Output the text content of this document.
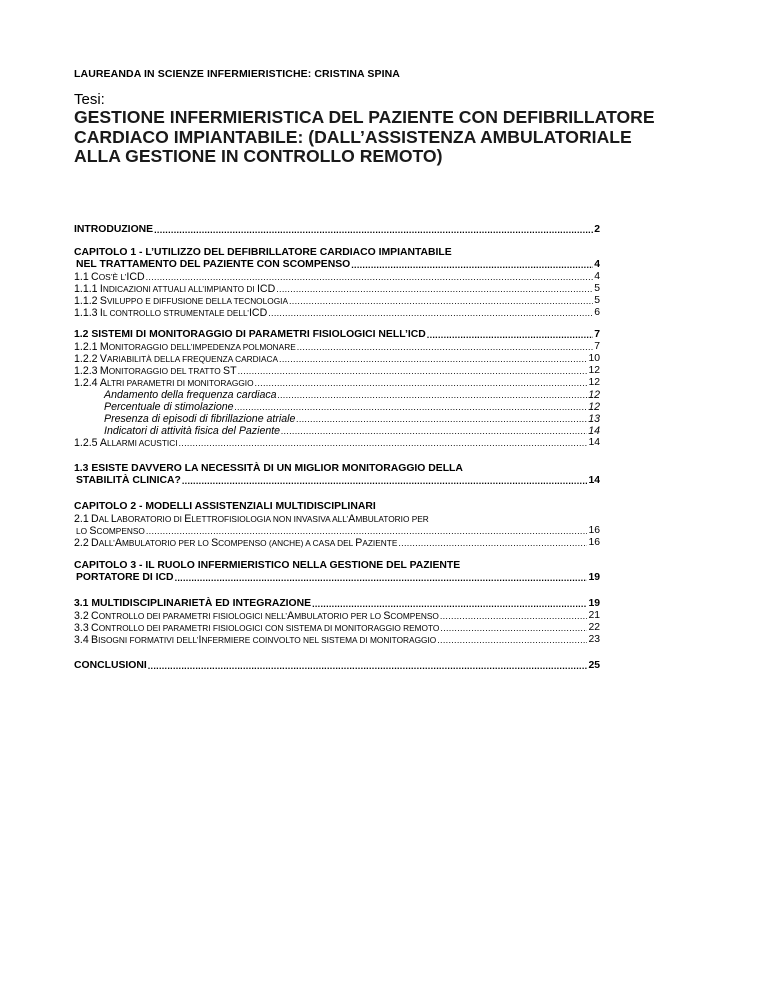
LAUREANDA IN SCIENZE INFERMIERISTICHE: CRISTINA SPINA
Tesi:
GESTIONE INFERMIERISTICA DEL PAZIENTE CON DEFIBRILLATORE
CARDIACO IMPIANTABILE: (DALL’ASSISTENZA AMBULATORIALE
ALLA GESTIONE IN CONTROLLO REMOTO)
INTRODUZIONE .....	2
CAPITOLO 1 - L’UTILIZZO DEL DEFIBRILLATORE CARDIACO IMPIANTABILE
NEL TRATTAMENTO DEL PAZIENTE CON SCOMPENSO .....	4
1.1 COS’È L’ICD .....	4
1.1.1 INDICAZIONI ATTUALI ALL’IMPIANTO DI ICD .....	5
1.1.2 SVILUPPO E DIFFUSIONE DELLA TECNOLOGIA .....	5
1.1.3 IL CONTROLLO STRUMENTALE DELL’ICD .....	6
1.2 SISTEMI DI MONITORAGGIO DI PARAMETRI FISIOLOGICI NELL’ICD .....	7
1.2.1 MONITORAGGIO DELL’IMPEDENZA POLMONARE .....	7
1.2.2 VARIABILITÀ DELLA FREQUENZA CARDIACA .....	10
1.2.3 MONITORAGGIO DEL TRATTO ST .....	12
1.2.4 ALTRI PARAMETRI DI MONITORAGGIO .....	12
Andamento della frequenza cardiaca .....	12
Percentuale di stimolazione .....	12
Presenza di episodi di fibrillazione atriale .....	13
Indicatori di attività fisica del Paziente .....	14
1.2.5 ALLARMI ACUSTICI .....	14
1.3 ESISTE DAVVERO LA NECESSITÀ DI UN MIGLIOR MONITORAGGIO DELLA
STABILITÀ CLINICA? .....	14
CAPITOLO 2 - MODELLI ASSISTENZIALI MULTIDISCIPLINARI
2.1 DAL LABORATORIO DI ELETTROFISIOLOGIA NON INVASIVA ALL’AMBULATORIO PER
LO SCOMPENSO .....	16
2.2 DALL’AMBULATORIO PER LO SCOMPENSO (ANCHE) A CASA DEL PAZIENTE .....	16
CAPITOLO 3 - IL RUOLO INFERMIERISTICO NELLA GESTIONE DEL PAZIENTE
PORTATORE DI ICD .....	19
3.1 MULTIDISCIPLINARIETÀ ED INTEGRAZIONE .....	19
3.2 CONTROLLO DEI PARAMETRI FISIOLOGICI NELL’AMBULATORIO PER LO SCOMPENSO .....	21
3.3 CONTROLLO DEI PARAMETRI FISIOLOGICI CON SISTEMA DI MONITORAGGIO REMOTO .....	22
3.4 BISOGNI FORMATIVI DELL’INFERMIERE COINVOLTO NEL SISTEMA DI MONITORAGGIO .....	23
CONCLUSIONI .....	25
